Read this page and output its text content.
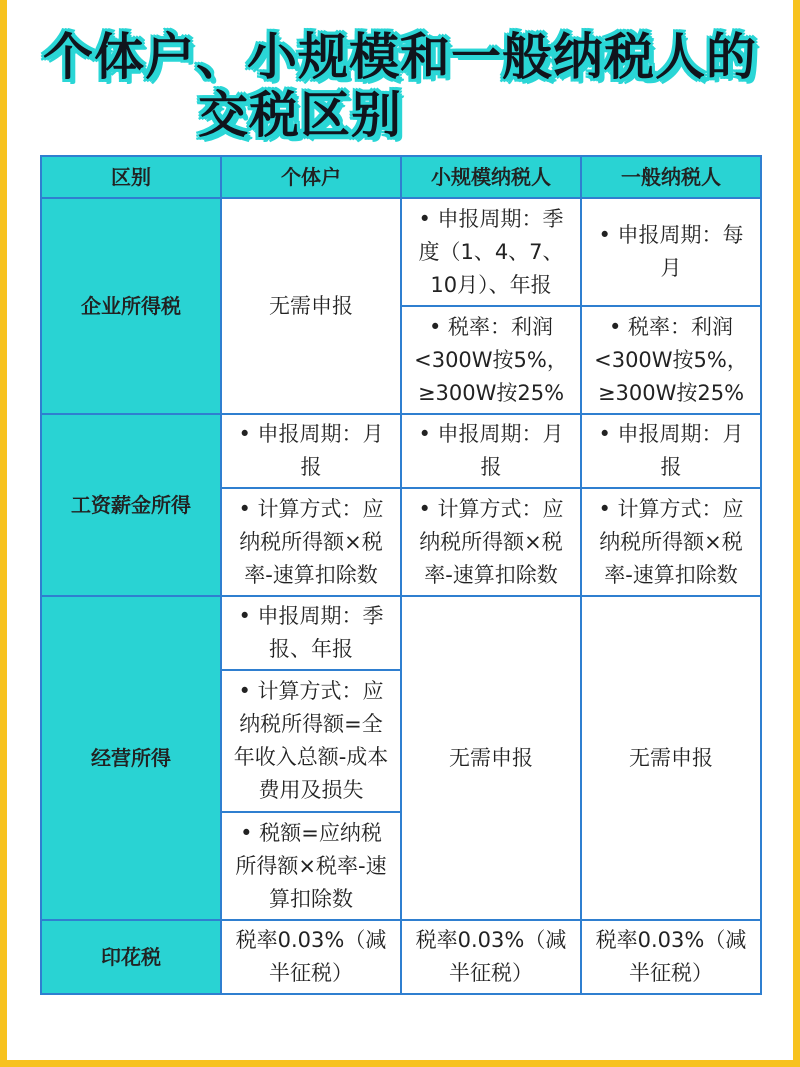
个体户、小规模和一般纳税人的
交税区别
区别	个体户	小规模纳税人	一般纳税人
企业所得税	无需申报	• 申报周期：季度（1、4、7、10月）、年报	• 申报周期：每月
		• 税率：利润<300W按5%，≥300W按25%	• 税率：利润<300W按5%，≥300W按25%
工资薪金所得	• 申报周期：月报	• 申报周期：月报	• 申报周期：月报
	• 计算方式：应纳税所得额×税率-速算扣除数	• 计算方式：应纳税所得额×税率-速算扣除数	• 计算方式：应纳税所得额×税率-速算扣除数
经营所得	• 申报周期：季报、年报	无需申报	无需申报
	• 计算方式：应纳税所得额=全年收入总额-成本费用及损失		
	• 税额=应纳税所得额×税率-速算扣除数		
印花税	税率0.03%（减半征税）	税率0.03%（减半征税）	税率0.03%（减半征税）
